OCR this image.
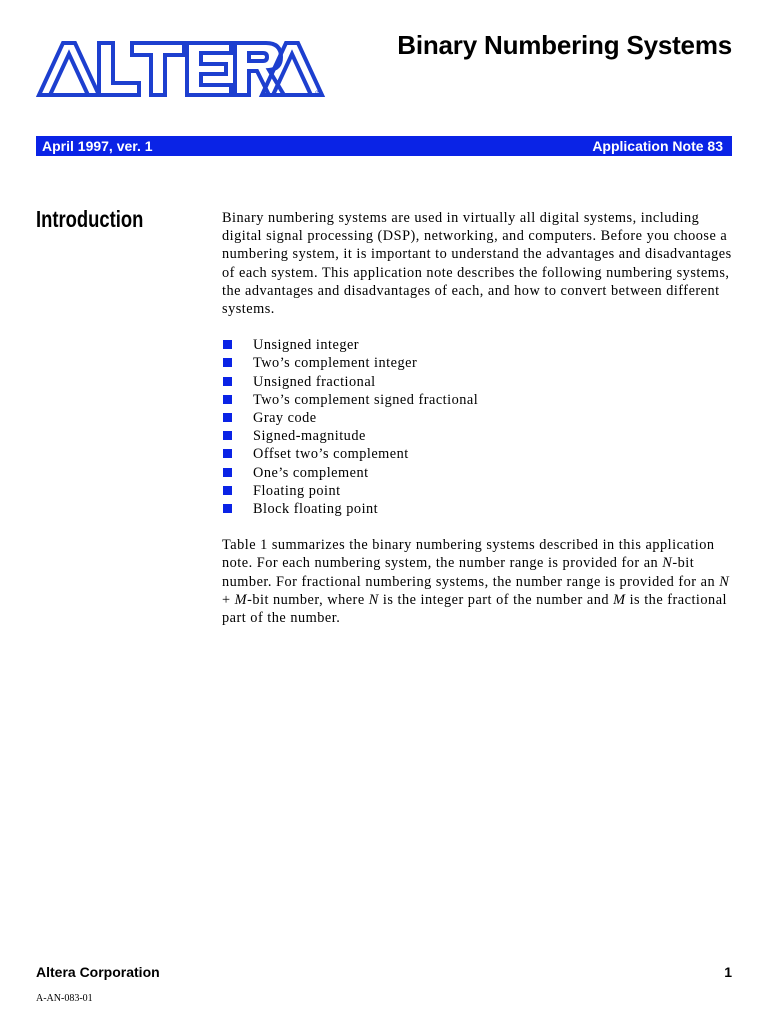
®
Binary Numbering Systems
April 1997, ver. 1	Application Note 83
Introduction	Binary numbering systems are used in virtually all digital systems, including digital signal processing (DSP), networking, and computers. Before you choose a numbering system, it is important to understand the advantages and disadvantages of each system. This application note describes the following numbering systems, the advantages and disadvantages of each, and how to convert between different systems.

Unsigned integer
Two’s complement integer
Unsigned fractional
Two’s complement signed fractional
Gray code
Signed-magnitude
Offset two’s complement
One’s complement
Floating point
Block floating point

Table 1 summarizes the binary numbering systems described in this application note. For each numbering system, the number range is provided for an N-bit number. For fractional numbering systems, the number range is provided for an N + M-bit number, where N is the integer part of the number and M is the fractional part of the number.

Altera Corporation	1
A-AN-083-01
